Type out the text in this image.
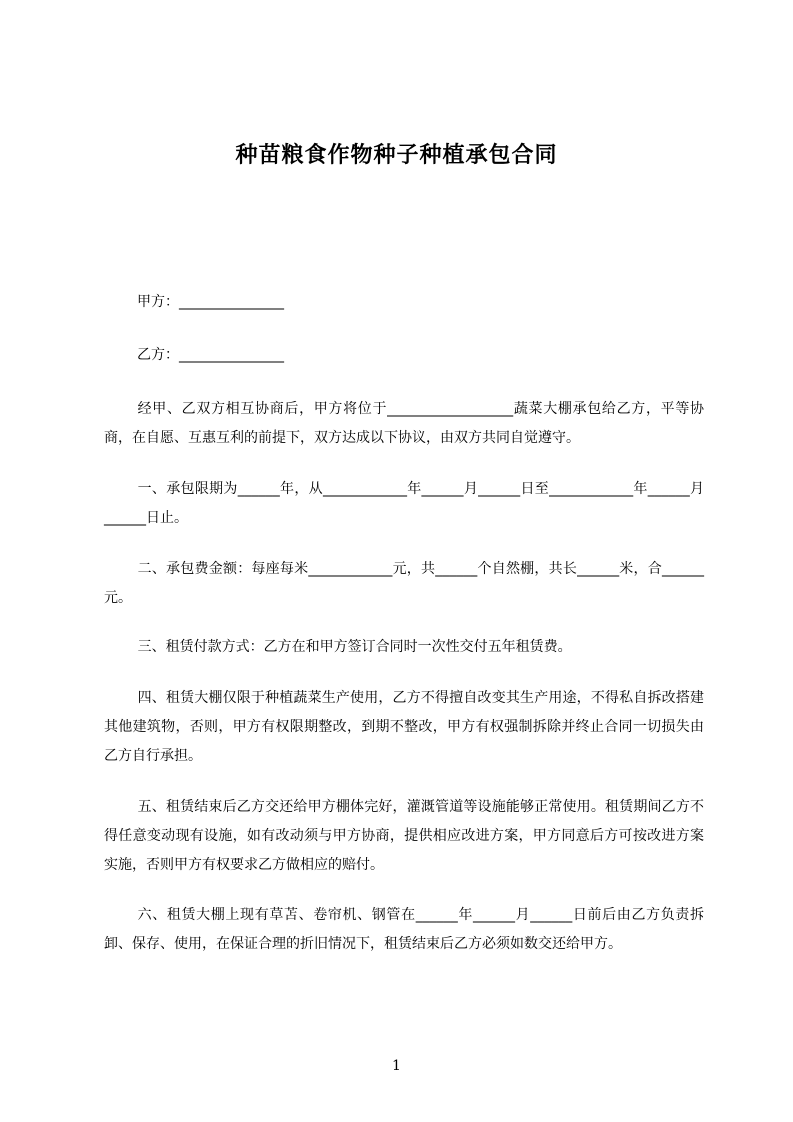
种苗粮食作物种子种植承包合同
甲方：_______________
乙方：_______________
经甲、乙双方相互协商后，甲方将位于__________________蔬菜大棚承包给乙方，平等协商，在自愿、互惠互利的前提下，双方达成以下协议，由双方共同自觉遵守。
一、承包限期为______年，从____________年______月______日至____________年______月______日止。
二、承包费金额：每座每米____________元，共______个自然棚，共长______米，合______元。
三、租赁付款方式：乙方在和甲方签订合同时一次性交付五年租赁费。
四、租赁大棚仅限于种植蔬菜生产使用，乙方不得擅自改变其生产用途，不得私自拆改搭建其他建筑物，否则，甲方有权限期整改，到期不整改，甲方有权强制拆除并终止合同一切损失由乙方自行承担。
五、租赁结束后乙方交还给甲方棚体完好，灌溉管道等设施能够正常使用。租赁期间乙方不得任意变动现有设施，如有改动须与甲方协商，提供相应改进方案，甲方同意后方可按改进方案实施，否则甲方有权要求乙方做相应的赔付。
六、租赁大棚上现有草苫、卷帘机、钢管在______年______月______日前后由乙方负责拆卸、保存、使用，在保证合理的折旧情况下，租赁结束后乙方必须如数交还给甲方。
1
